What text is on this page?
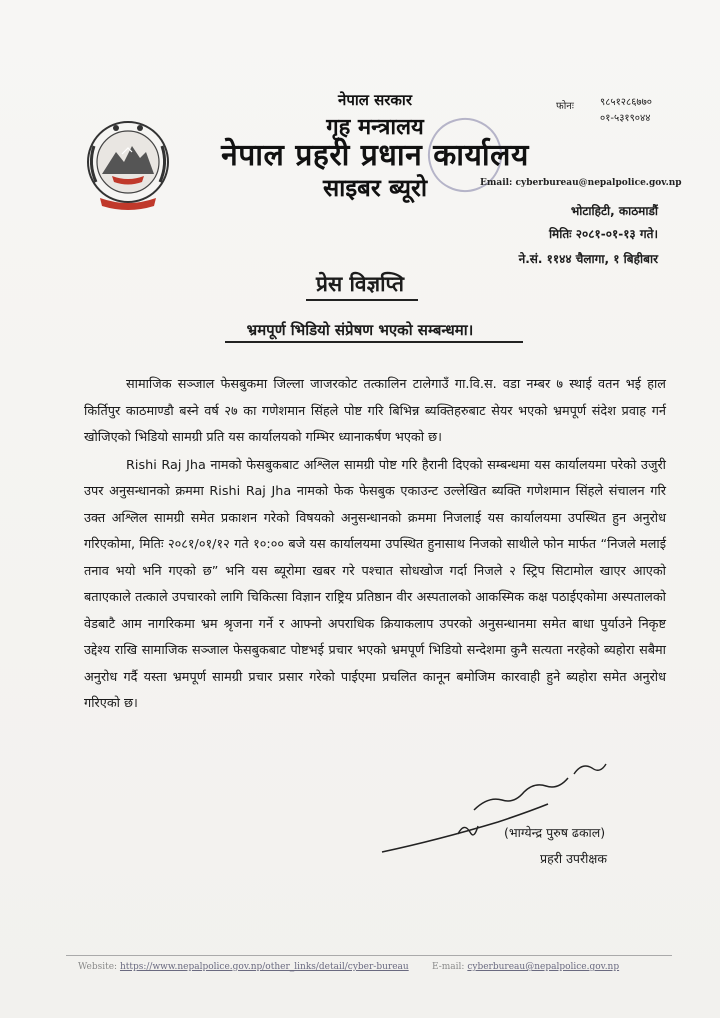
नेपाल सरकार
गृह मन्त्रालय
नेपाल प्रहरी प्रधान कार्यालय
साइबर ब्यूरो
फोनः	९८५१२८६७७०
०१-५३१९०४४
Email: cyberbureau@nepalpolice.gov.np
भोटाहिटी, काठमाडौं
मितिः २०८१-०१-१३ गते।
ने.सं. ११४४ चैलागा, १ बिहीबार
प्रेस विज्ञप्ति
भ्रमपूर्ण भिडियो संप्रेषण भएको सम्बन्धमा।

सामाजिक सञ्जाल फेसबुकमा जिल्ला जाजरकोट तत्कालिन टालेगाउँ गा.वि.स. वडा नम्बर ७ स्थाई वतन भई हाल किर्तिपुर काठमाण्डौ बस्ने वर्ष २७ का गणेशमान सिंहले पोष्ट गरि बिभिन्न ब्यक्तिहरुबाट सेयर भएको भ्रमपूर्ण संदेश प्रवाह गर्न खोजिएको भिडियो सामग्री प्रति यस कार्यालयको गम्भिर ध्यानाकर्षण भएको छ।

Rishi Raj Jha नामको फेसबुकबाट अश्लिल सामग्री पोष्ट गरि हैरानी दिएको सम्बन्धमा यस कार्यालयमा परेको उजुरी उपर अनुसन्धानको क्रममा Rishi Raj Jha नामको फेक फेसबुक एकाउन्ट उल्लेखित ब्यक्ति गणेशमान सिंहले संचालन गरि उक्त अश्लिल सामग्री समेत प्रकाशन गरेको विषयको अनुसन्धानको क्रममा निजलाई यस कार्यालयमा उपस्थित हुन अनुरोध गरिएकोमा, मितिः २०८१/०१/१२ गते १०:०० बजे यस कार्यालयमा उपस्थित हुनासाथ निजको साथीले फोन मार्फत “निजले मलाई तनाव भयो भनि गएको छ” भनि यस ब्यूरोमा खबर गरे पश्चात सोधखोज गर्दा निजले २ स्ट्रिप सिटामोल खाएर आएको बताएकाले तत्काले उपचारको लागि चिकित्सा विज्ञान राष्ट्रिय प्रतिष्ठान वीर अस्पतालको आकस्मिक कक्ष पठाईएकोमा अस्पतालको वेडबाटै आम नागरिकमा भ्रम श्रृजना गर्ने र आफ्नो अपराधिक क्रियाकलाप उपरको अनुसन्धानमा समेत बाधा पुर्याउने निकृष्ट उद्देश्य राखि सामाजिक सञ्जाल फेसबुकबाट पोष्टभई प्रचार भएको भ्रमपूर्ण भिडियो सन्देशमा कुनै सत्यता नरहेको ब्यहोरा सबैमा अनुरोध गर्दै यस्ता भ्रमपूर्ण सामग्री प्रचार प्रसार गरेको पाईएमा प्रचलित कानून बमोजिम कारवाही हुने ब्यहोरा समेत अनुरोध गरिएको छ।

(भाग्येन्द्र पुरुष ढकाल)
प्रहरी उपरीक्षक
Website: https://www.nepalpolice.gov.np/other_links/detail/cyber-bureau	E-mail: cyberbureau@nepalpolice.gov.np
